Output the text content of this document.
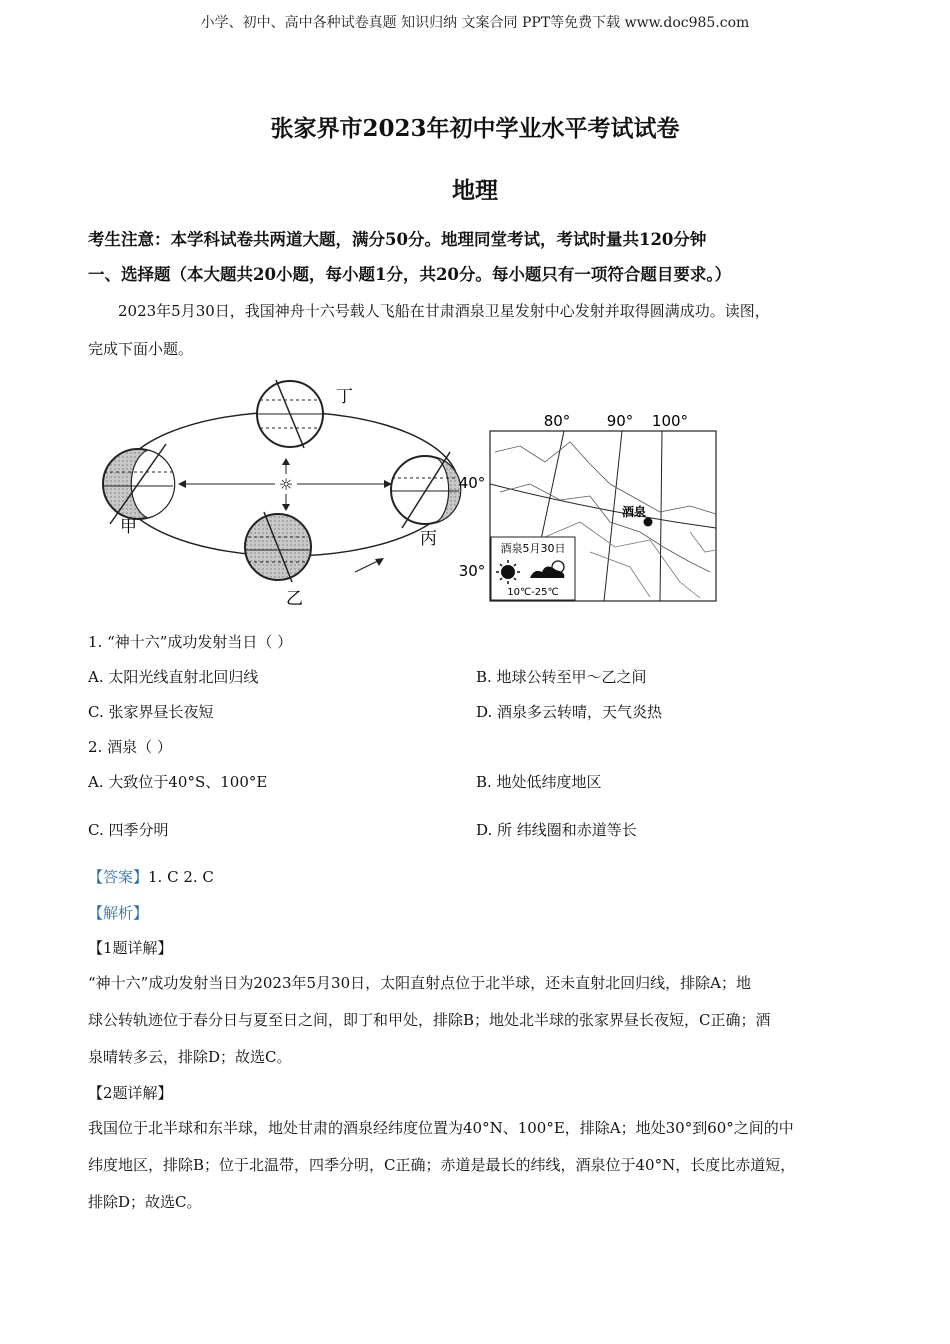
小学、初中、高中各种试卷真题 知识归纳 文案合同 PPT等免费下载 www.doc985.com
张家界市2023年初中学业水平考试试卷
地理
考生注意：本学科试卷共两道大题，满分50分。地理同堂考试，考试时量共120分钟
一、选择题（本大题共20小题，每小题1分，共20分。每小题只有一项符合题目要求。）
2023年5月30日，我国神舟十六号载人飞船在甘肃酒泉卫星发射中心发射并取得圆满成功。读图，
完成下面小题。
☼
丁
甲
乙
丙
80° 90° 100°
40°
30°
酒泉
酒泉5月30日
10℃-25℃
1. “神十六”成功发射当日（ ）
A. 太阳光线直射北回归线	B. 地球公转至甲～乙之间
C. 张家界昼长夜短	D. 酒泉多云转晴，天气炎热
2. 酒泉（ ）
A. 大致位于40°S、100°E	B. 地处低纬度地区
C. 四季分明	D. 所 纬线圈和赤道等长
【答案】1. C 2. C
【解析】
【1题详解】
“神十六”成功发射当日为2023年5月30日，太阳直射点位于北半球，还未直射北回归线，排除A；地
球公转轨迹位于春分日与夏至日之间，即丁和甲处，排除B；地处北半球的张家界昼长夜短，C正确；酒
泉晴转多云，排除D；故选C。
【2题详解】
我国位于北半球和东半球，地处甘肃的酒泉经纬度位置为40°N、100°E，排除A；地处30°到60°之间的中
纬度地区，排除B；位于北温带，四季分明，C正确；赤道是最长的纬线，酒泉位于40°N，长度比赤道短，
排除D；故选C。
